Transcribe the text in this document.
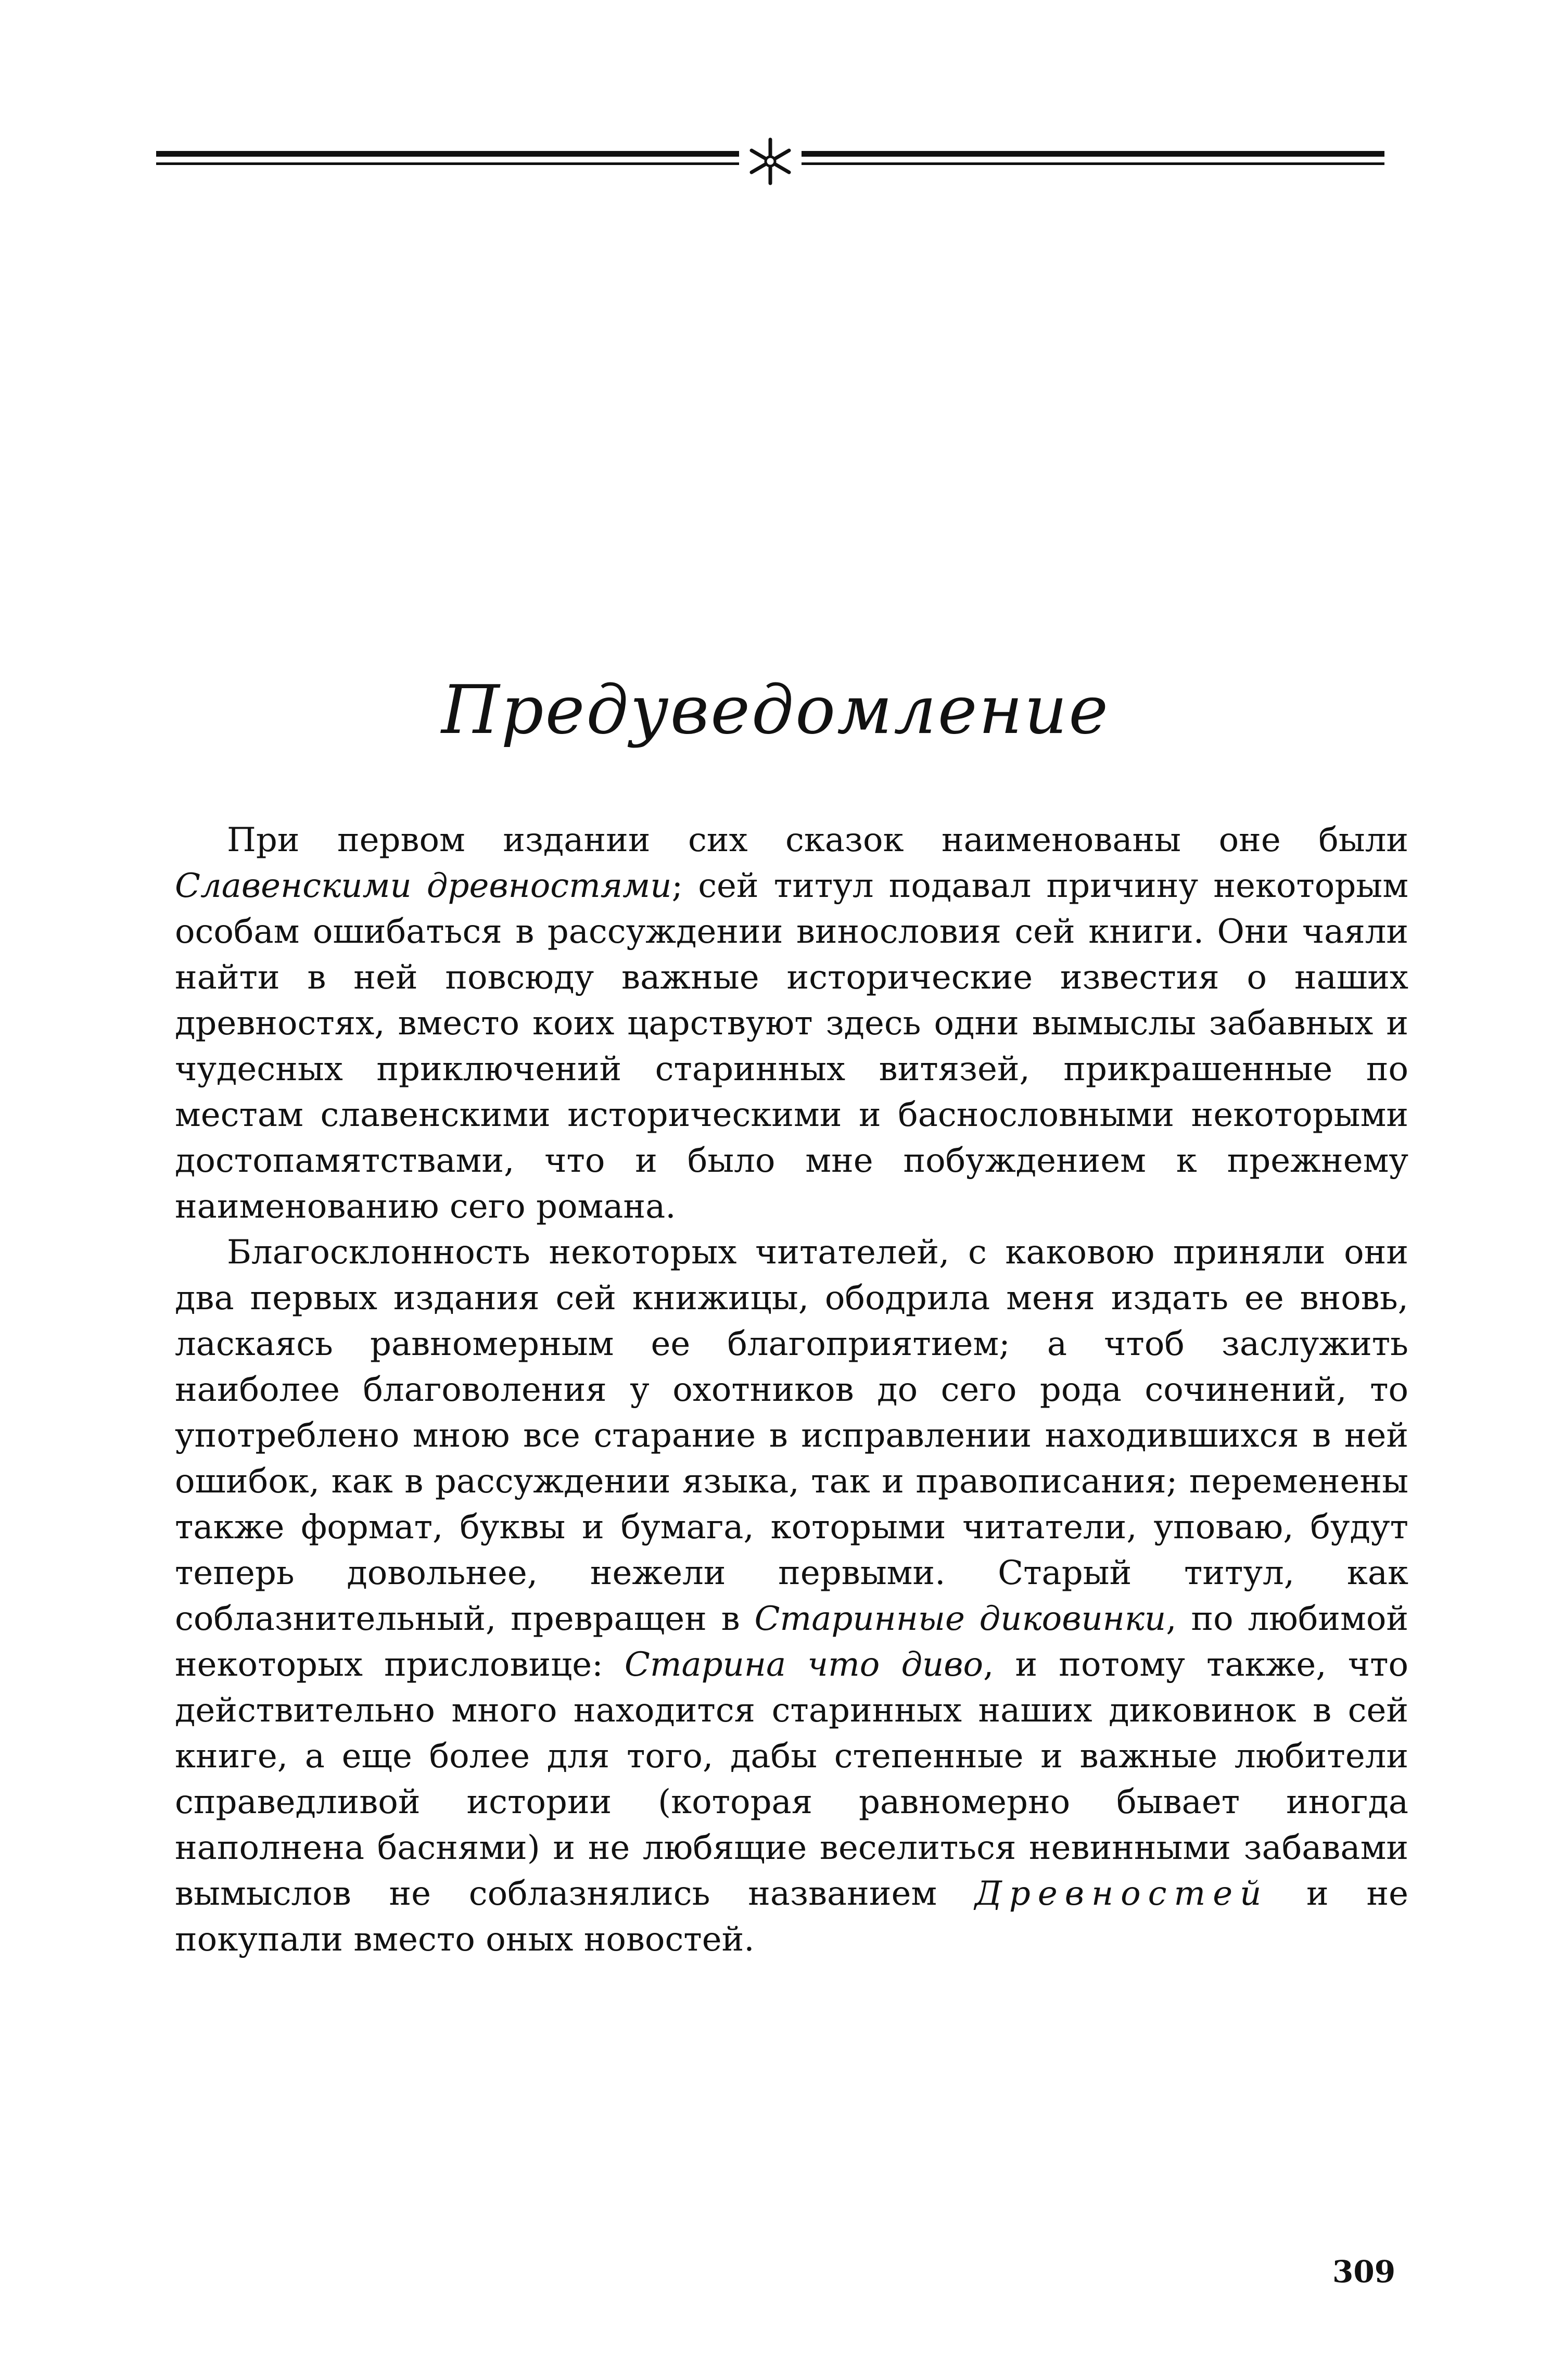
Предуведомление

При первом издании сих сказок наименованы оне были Славенскими древностями; сей титул подавал причину некоторым особам ошибаться в рассуждении винословия сей книги. Они чаяли найти в ней повсюду важные исторические известия о наших древностях, вместо коих царствуют здесь одни вымыслы забавных и чудесных приключений старинных витязей, прикрашенные по местам славенскими историческими и баснословными некоторыми достопамятствами, что и было мне побуждением к прежнему наименованию сего романа.

Благосклонность некоторых читателей, с каковою приняли они два первых издания сей книжицы, ободрила меня издать ее вновь, ласкаясь равномерным ее благоприятием; а чтоб заслужить наиболее благоволения у охотников до сего рода сочинений, то употреблено мною все старание в исправлении находившихся в ней ошибок, как в рассуждении языка, так и правописания; переменены также формат, буквы и бумага, которыми читатели, уповаю, будут теперь довольнее, нежели первыми. Старый титул, как соблазнительный, превращен в Старинные диковинки, по любимой некоторых присловице: Старина что диво, и потому также, что действительно много находится старинных наших диковинок в сей книге, а еще более для того, дабы степенные и важные любители справедливой истории (которая равномерно бывает иногда наполнена баснями) и не любящие веселиться невинными забавами вымыслов не соблазнялись названием Древностей и не покупали вместо оных новостей.

309
